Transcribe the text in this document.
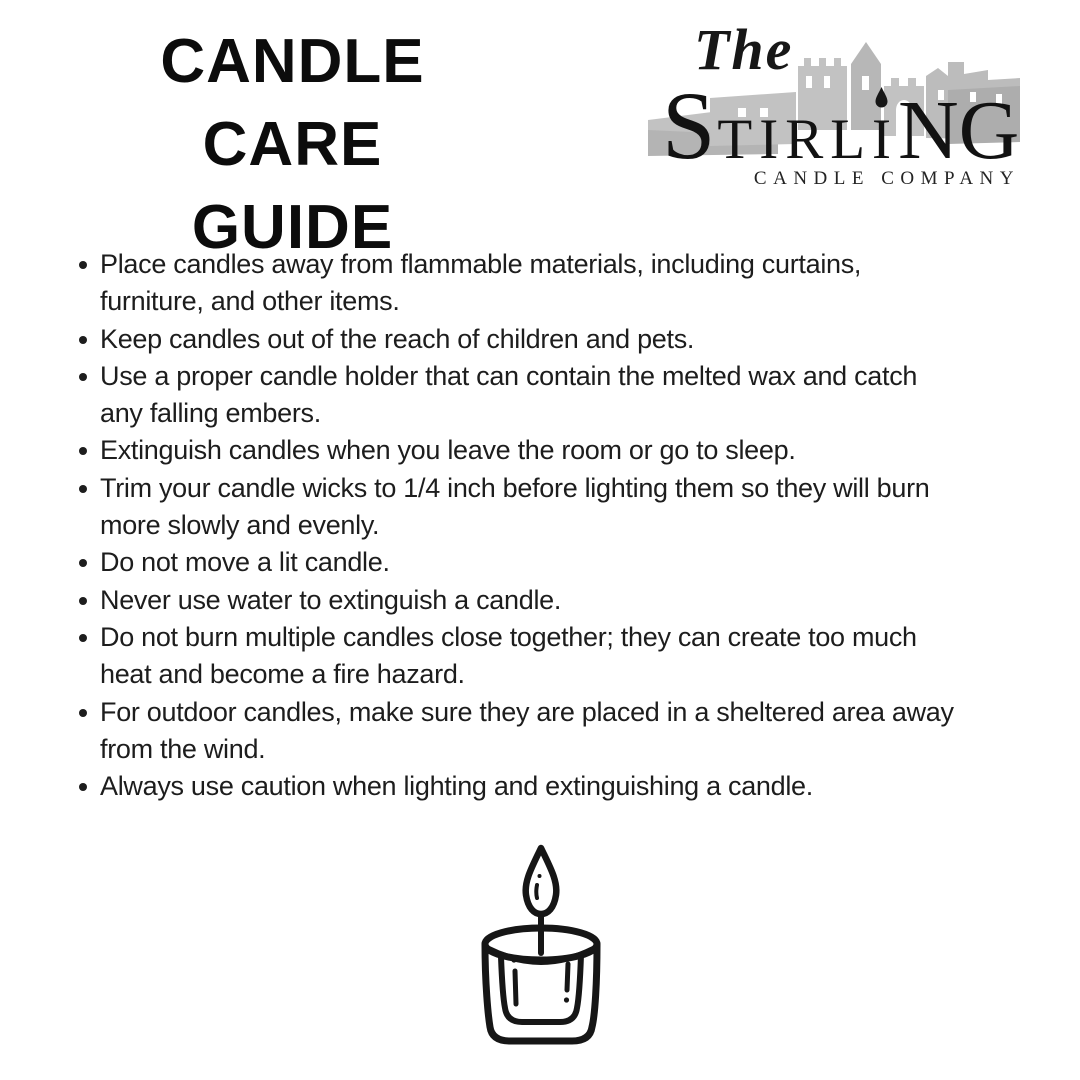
CANDLE
CARE GUIDE
The
S TIRL I NG
CANDLE COMPANY
Place candles away from flammable materials, including curtains,
furniture, and other items.
Keep candles out of the reach of children and pets.
Use a proper candle holder that can contain the melted wax and catch
any falling embers.
Extinguish candles when you leave the room or go to sleep.
Trim your candle wicks to 1/4 inch before lighting them so they will burn
more slowly and evenly.
Do not move a lit candle.
Never use water to extinguish a candle.
Do not burn multiple candles close together; they can create too much
heat and become a fire hazard.
For outdoor candles, make sure they are placed in a sheltered area away
from the wind.
Always use caution when lighting and extinguishing a candle.
